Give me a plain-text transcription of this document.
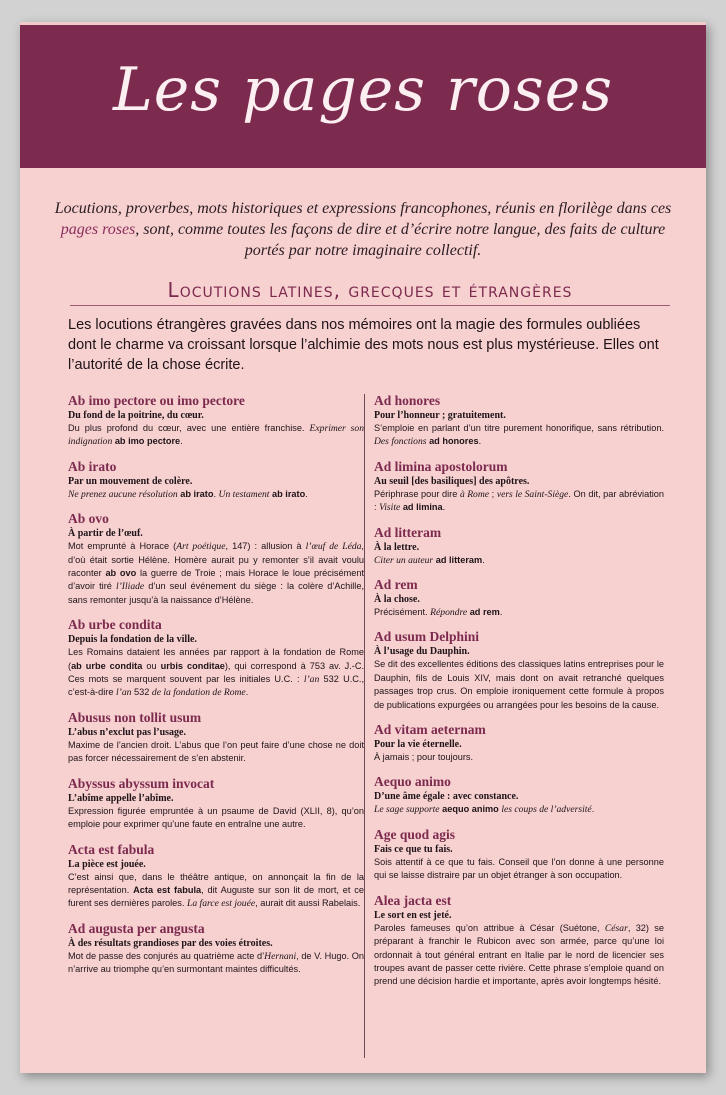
Les pages roses

Locutions, proverbes, mots historiques et expressions francophones, réunis en florilège dans ces pages roses, sont, comme toutes les façons de dire et d’écrire notre langue, des faits de culture portés par notre imaginaire collectif.

Locutions latines, grecques et étrangères
Les locutions étrangères gravées dans nos mémoires ont la magie des formules oubliées dont le charme va croissant lorsque l’alchimie des mots nous est plus mystérieuse. Elles ont l’autorité de la chose écrite.

Ab imo pectore ou imo pectore

Du fond de la poitrine, du cœur.

Du plus profond du cœur, avec une entière franchise. Exprimer son indignation ab imo pectore.

Ab irato

Par un mouvement de colère.

Ne prenez aucune résolution ab irato. Un testament ab irato.

Ab ovo

À partir de l’œuf.

Mot emprunté à Horace (Art poétique, 147) : allusion à l’œuf de Léda, d’où était sortie Hélène. Homère aurait pu y remonter s’il avait voulu raconter ab ovo la guerre de Troie ; mais Horace le loue précisément d’avoir tiré l’Iliade d’un seul événement du siège : la colère d’Achille, sans remonter jusqu’à la naissance d’Hélène.

Ab urbe condita

Depuis la fondation de la ville.

Les Romains dataient les années par rapport à la fondation de Rome (ab urbe condita ou urbis conditae), qui correspond à 753 av. J.-C. Ces mots se marquent souvent par les initiales U.C. : l’an 532 U.C., c’est-à-dire l’an 532 de la fondation de Rome.

Abusus non tollit usum

L’abus n’exclut pas l’usage.

Maxime de l’ancien droit. L’abus que l’on peut faire d’une chose ne doit pas forcer nécessairement de s’en abstenir.

Abyssus abyssum invocat

L’abîme appelle l’abîme.

Expression figurée empruntée à un psaume de David (XLII, 8), qu’on emploie pour exprimer qu’une faute en entraîne une autre.

Acta est fabula

La pièce est jouée.

C’est ainsi que, dans le théâtre antique, on annonçait la fin de la représentation. Acta est fabula, dit Auguste sur son lit de mort, et ce furent ses dernières paroles. La farce est jouée, aurait dit aussi Rabelais.

Ad augusta per angusta

À des résultats grandioses par des voies étroites.

Mot de passe des conjurés au quatrième acte d’Hernani, de V. Hugo. On n’arrive au triomphe qu’en surmontant maintes difficultés.

Ad honores

Pour l’honneur ; gratuitement.

S’emploie en parlant d’un titre purement honorifique, sans rétribution. Des fonctions ad honores.

Ad limina apostolorum

Au seuil [des basiliques] des apôtres.

Périphrase pour dire à Rome ; vers le Saint-Siège. On dit, par abréviation : Visite ad limina.

Ad litteram

À la lettre.

Citer un auteur ad litteram.

Ad rem

À la chose.

Précisément. Répondre ad rem.

Ad usum Delphini

À l’usage du Dauphin.

Se dit des excellentes éditions des classiques latins entreprises pour le Dauphin, fils de Louis XIV, mais dont on avait retranché quelques passages trop crus. On emploie ironiquement cette formule à propos de publications expurgées ou arrangées pour les besoins de la cause.

Ad vitam aeternam

Pour la vie éternelle.

À jamais ; pour toujours.

Aequo animo

D’une âme égale : avec constance.

Le sage supporte aequo animo les coups de l’adversité.

Age quod agis

Fais ce que tu fais.

Sois attentif à ce que tu fais. Conseil que l’on donne à une personne qui se laisse distraire par un objet étranger à son occupation.

Alea jacta est

Le sort en est jeté.

Paroles fameuses qu’on attribue à César (Suétone, César, 32) se préparant à franchir le Rubicon avec son armée, parce qu’une loi ordonnait à tout général entrant en Italie par le nord de licencier ses troupes avant de passer cette rivière. Cette phrase s’emploie quand on prend une décision hardie et importante, après avoir longtemps hésité.
